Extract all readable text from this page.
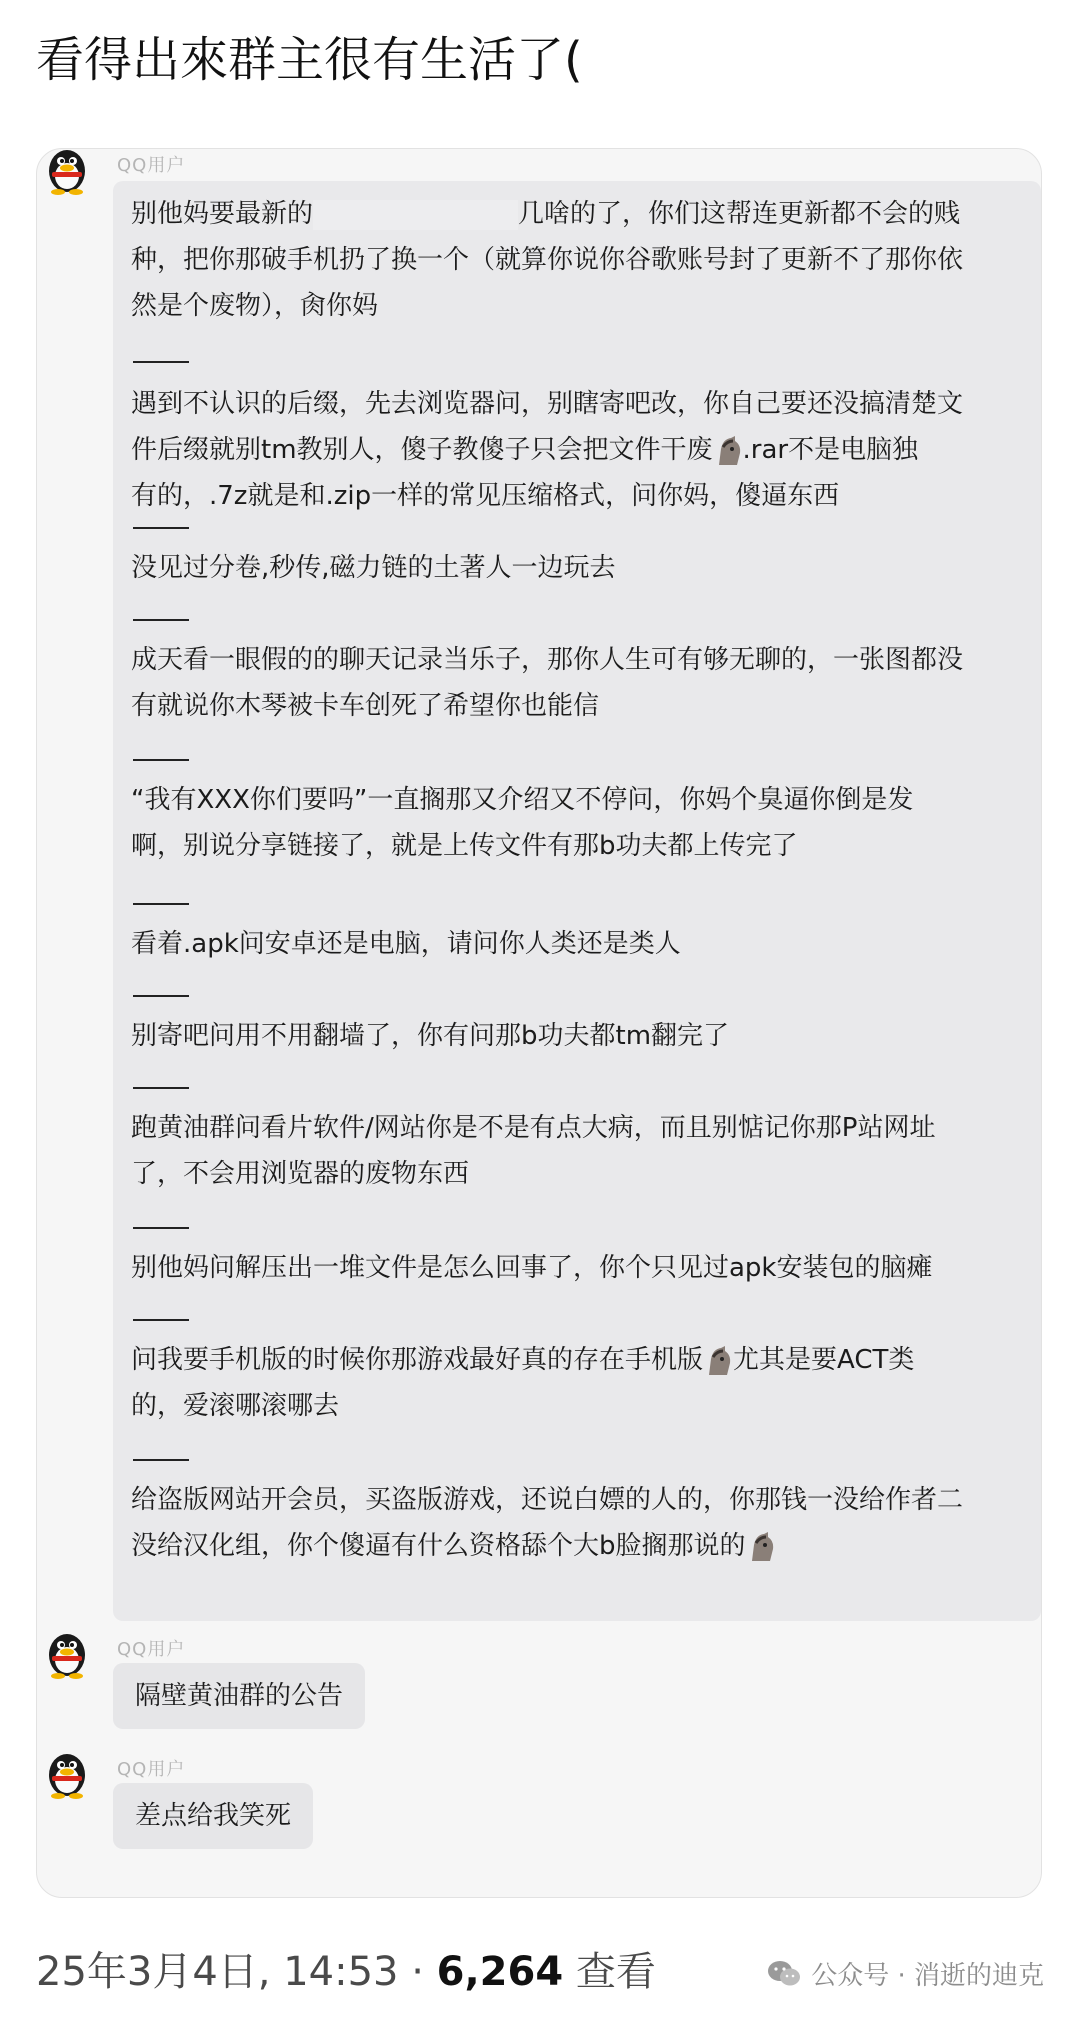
看得出來群主很有生活了(
QQ用户
别他妈要最新的	几啥的了，你们这帮连更新都不会的贱
种，把你那破手机扔了换一个（就算你说你谷歌账号封了更新不了那你依
然是个废物），肏你妈
遇到不认识的后缀，先去浏览器问，别瞎寄吧改，你自己要还没搞清楚文
件后缀就别tm教别人，傻子教傻子只会把文件干废 .rar不是电脑独
有的，.7z就是和.zip一样的常见压缩格式，问你妈，傻逼东西
没见过分卷,秒传,磁力链的土著人一边玩去
成天看一眼假的的聊天记录当乐子，那你人生可有够无聊的，一张图都没
有就说你木琴被卡车创死了希望你也能信
“我有XXX你们要吗”一直搁那又介绍又不停问，你妈个臭逼你倒是发
啊，别说分享链接了，就是上传文件有那b功夫都上传完了
看着.apk问安卓还是电脑，请问你人类还是类人
别寄吧问用不用翻墙了，你有问那b功夫都tm翻完了
跑黄油群问看片软件/网站你是不是有点大病，而且别惦记你那P站网址
了，不会用浏览器的废物东西
别他妈问解压出一堆文件是怎么回事了，你个只见过apk安装包的脑瘫
问我要手机版的时候你那游戏最好真的存在手机版 尤其是要ACT类
的，爱滚哪滚哪去
给盗版网站开会员，买盗版游戏，还说白嫖的人的，你那钱一没给作者二
没给汉化组，你个傻逼有什么资格舔个大b脸搁那说的
QQ用户
隔壁黄油群的公告
QQ用户
差点给我笑死
25年3月4日, 14:53 · 6,264 查看	公众号 · 消逝的迪克
